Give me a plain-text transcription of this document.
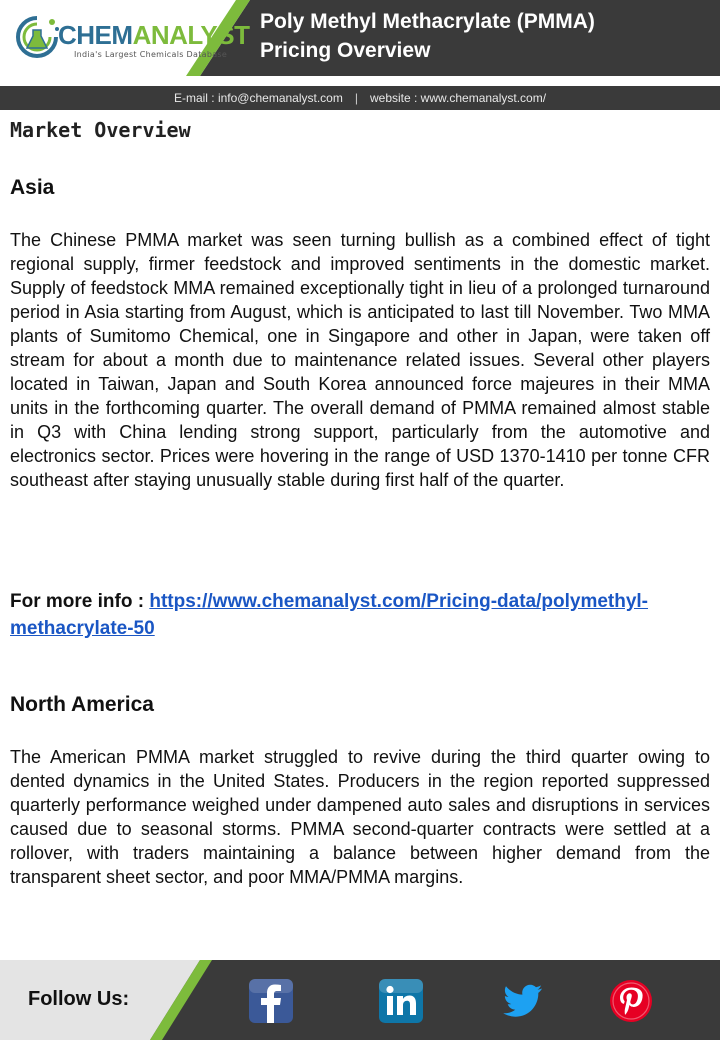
CHEMANALYST
India's Largest Chemicals Database
Poly Methyl Methacrylate (PMMA)
Pricing Overview
E-mail : info@chemanalyst.com | website : www.chemanalyst.com/
Market Overview
Asia

The Chinese PMMA market was seen turning bullish as a combined effect of tight regional supply, firmer feedstock and improved sentiments in the domestic market. Supply of feedstock MMA remained exceptionally tight in lieu of a prolonged turnaround period in Asia starting from August, which is anticipated to last till November. Two MMA plants of Sumitomo Chemical, one in Singapore and other in Japan, were taken off stream for about a month due to maintenance related issues. Several other players located in Taiwan, Japan and South Korea announced force majeures in their MMA units in the forthcoming quarter. The overall demand of PMMA remained almost stable in Q3 with China lending strong support, particularly from the automotive and electronics sector. Prices were hovering in the range of USD 1370-1410 per tonne CFR southeast after staying unusually stable during first half of the quarter.

For more info : https://www.chemanalyst.com/Pricing-data/polymethyl-methacrylate-50

North America

The American PMMA market struggled to revive during the third quarter owing to dented dynamics in the United States. Producers in the region reported suppressed quarterly performance weighed under dampened auto sales and disruptions in services caused due to seasonal storms. PMMA second-quarter contracts were settled at a rollover, with traders maintaining a balance between higher demand from the transparent sheet sector, and poor MMA/PMMA margins.

Follow Us:
